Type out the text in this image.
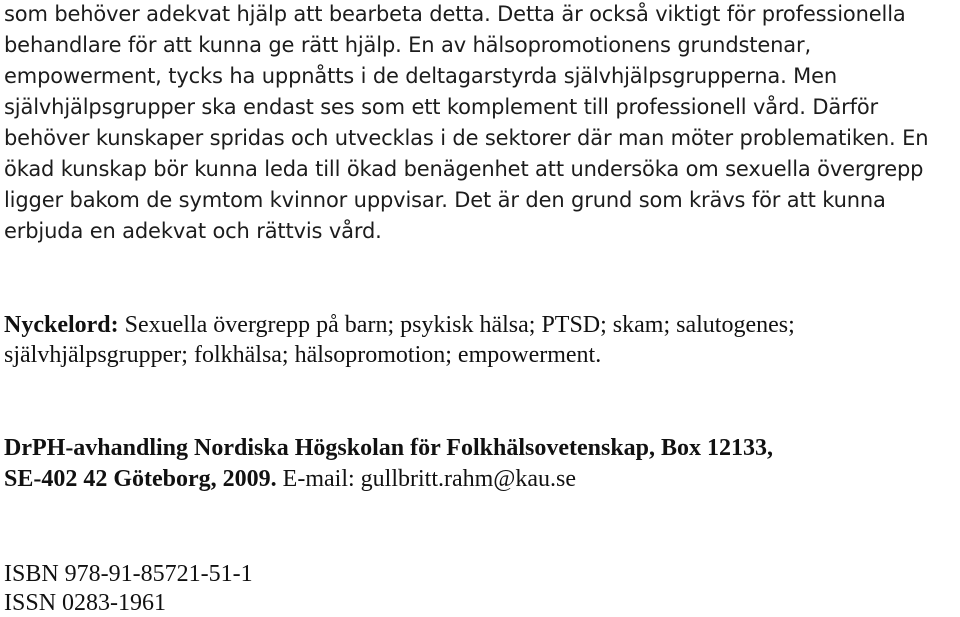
som behöver adekvat hjälp att bearbeta detta. Detta är också viktigt för professionella

behandlare för att kunna ge rätt hjälp. En av hälsopromotionens grundstenar,

empowerment, tycks ha uppnåtts i de deltagarstyrda självhjälpsgrupperna. Men

självhjälpsgrupper ska endast ses som ett komplement till professionell vård. Därför

behöver kunskaper spridas och utvecklas i de sektorer där man möter problematiken. En

ökad kunskap bör kunna leda till ökad benägenhet att undersöka om sexuella övergrepp

ligger bakom de symtom kvinnor uppvisar. Det är den grund som krävs för att kunna

erbjuda en adekvat och rättvis vård.

Nyckelord: Sexuella övergrepp på barn; psykisk hälsa; PTSD; skam; salutogenes;

självhjälpsgrupper; folkhälsa; hälsopromotion; empowerment.

DrPH-avhandling Nordiska Högskolan för Folkhälsovetenskap, Box 12133,

SE-402 42 Göteborg, 2009. E-mail: gullbritt.rahm@kau.se

ISBN 978-91-85721-51-1

ISSN 0283-1961
